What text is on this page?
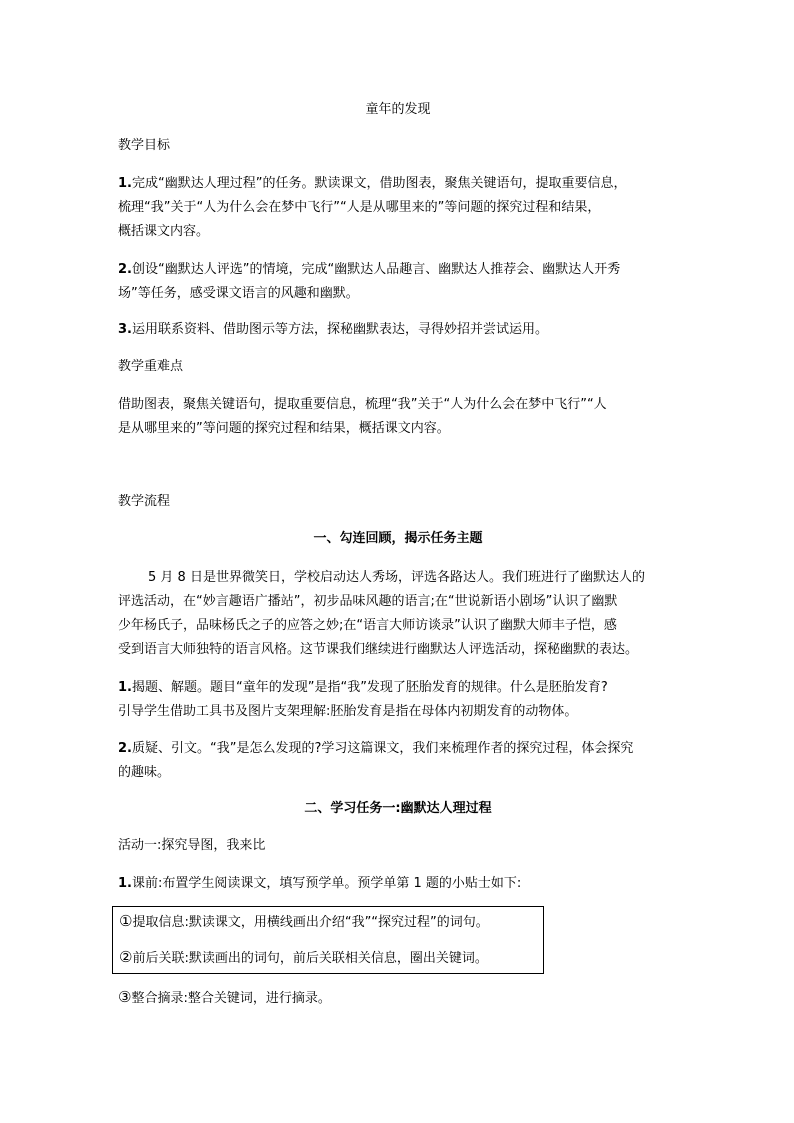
童年的发现
教学目标
1.完成“幽默达人理过程”的任务。默读课文，借助图表，聚焦关键语句，提取重要信息，
梳理“我”关于“人为什么会在梦中飞行”“人是从哪里来的”等问题的探究过程和结果，
概括课文内容。
2.创设“幽默达人评选”的情境，完成“幽默达人品趣言、幽默达人推荐会、幽默达人开秀
场”等任务，感受课文语言的风趣和幽默。
3.运用联系资料、借助图示等方法，探秘幽默表达，寻得妙招并尝试运用。
教学重难点
借助图表，聚焦关键语句，提取重要信息，梳理“我”关于“人为什么会在梦中飞行”“人
是从哪里来的”等问题的探究过程和结果，概括课文内容。
教学流程
一、勾连回顾，揭示任务主题
5 月 8 日是世界微笑日，学校启动达人秀场，评选各路达人。我们班进行了幽默达人的
评选活动，在“妙言趣语广播站”，初步品味风趣的语言;在“世说新语小剧场”认识了幽默
少年杨氏子，品味杨氏之子的应答之妙;在“语言大师访谈录”认识了幽默大师丰子恺，感
受到语言大师独特的语言风格。这节课我们继续进行幽默达人评选活动，探秘幽默的表达。
1.揭题、解题。题目“童年的发现”是指“我”发现了胚胎发育的规律。什么是胚胎发育?
引导学生借助工具书及图片支架理解:胚胎发育是指在母体内初期发育的动物体。
2.质疑、引文。“我”是怎么发现的?学习这篇课文，我们来梳理作者的探究过程，体会探究
的趣味。
二、学习任务一:幽默达人理过程
活动一:探究导图，我来比
1.课前:布置学生阅读课文，填写预学单。预学单第 1 题的小贴士如下:
③整合摘录:整合关键词，进行摘录。
①提取信息:默读课文，用横线画出介绍“我”“探究过程”的词句。
②前后关联:默读画出的词句，前后关联相关信息，圈出关键词。
